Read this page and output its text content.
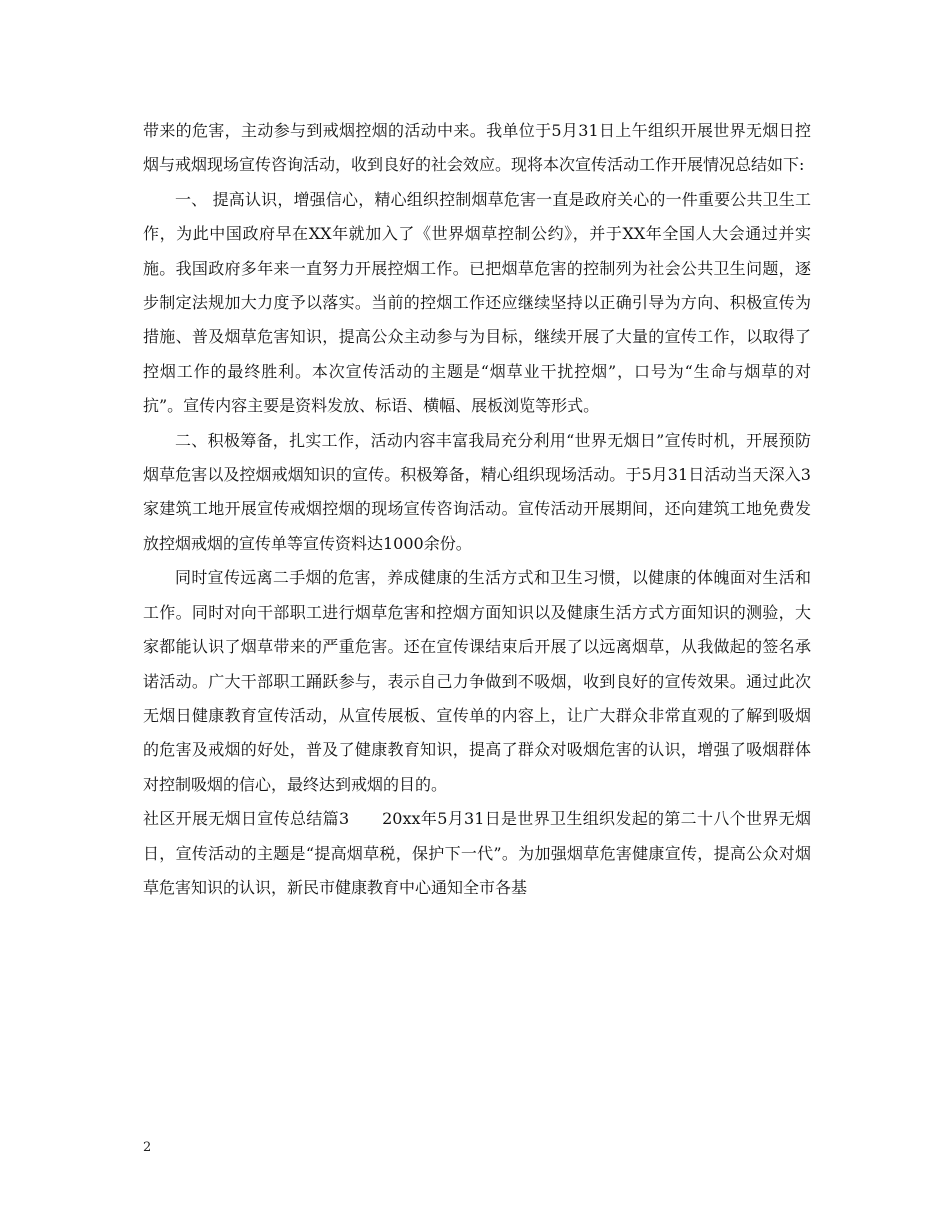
带来的危害，主动参与到戒烟控烟的活动中来。我单位于5月31日上午组织开展世界无烟日控烟与戒烟现场宣传咨询活动，收到良好的社会效应。现将本次宣传活动工作开展情况总结如下:

一、 提高认识，增强信心，精心组织控制烟草危害一直是政府关心的一件重要公共卫生工作，为此中国政府早在XX年就加入了《世界烟草控制公约》，并于XX年全国人大会通过并实施。我国政府多年来一直努力开展控烟工作。已把烟草危害的控制列为社会公共卫生问题，逐步制定法规加大力度予以落实。当前的控烟工作还应继续坚持以正确引导为方向、积极宣传为措施、普及烟草危害知识，提高公众主动参与为目标，继续开展了大量的宣传工作，以取得了控烟工作的最终胜利。本次宣传活动的主题是“烟草业干扰控烟”，口号为“生命与烟草的对抗”。宣传内容主要是资料发放、标语、横幅、展板浏览等形式。

二、积极筹备，扎实工作，活动内容丰富我局充分利用“世界无烟日”宣传时机，开展预防烟草危害以及控烟戒烟知识的宣传。积极筹备，精心组织现场活动。于5月31日活动当天深入3家建筑工地开展宣传戒烟控烟的现场宣传咨询活动。宣传活动开展期间，还向建筑工地免费发放控烟戒烟的宣传单等宣传资料达1000余份。

同时宣传远离二手烟的危害，养成健康的生活方式和卫生习惯，以健康的体魄面对生活和工作。同时对向干部职工进行烟草危害和控烟方面知识以及健康生活方式方面知识的测验，大家都能认识了烟草带来的严重危害。还在宣传课结束后开展了以远离烟草，从我做起的签名承诺活动。广大干部职工踊跃参与，表示自己力争做到不吸烟，收到良好的宣传效果。通过此次无烟日健康教育宣传活动，从宣传展板、宣传单的内容上，让广大群众非常直观的了解到吸烟的危害及戒烟的好处，普及了健康教育知识，提高了群众对吸烟危害的认识，增强了吸烟群体对控制吸烟的信心，最终达到戒烟的目的。

社区开展无烟日宣传总结篇3　　20xx年5月31日是世界卫生组织发起的第二十八个世界无烟日，宣传活动的主题是“提高烟草税，保护下一代”。为加强烟草危害健康宣传，提高公众对烟草危害知识的认识，新民市健康教育中心通知全市各基

2
